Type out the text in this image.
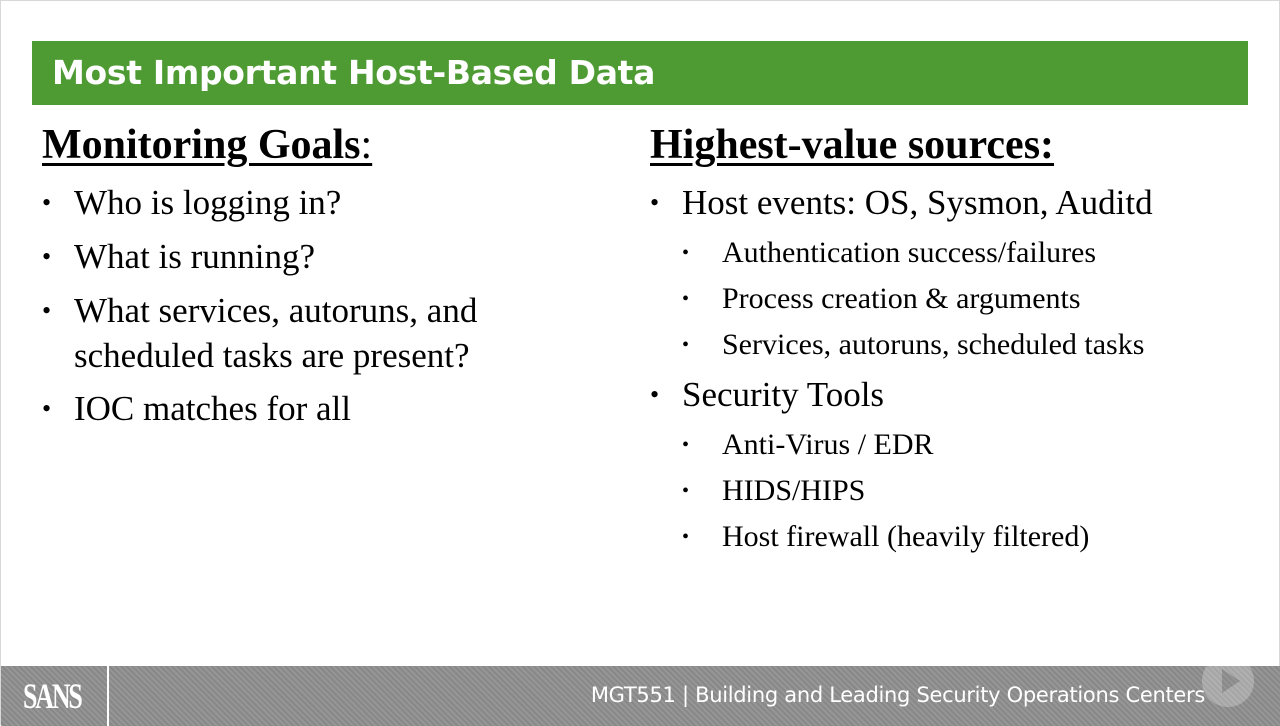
Most Important Host-Based Data
Monitoring Goals:
• Who is logging in?
• What is running?
• What services, autoruns, and
scheduled tasks are present?
• IOC matches for all
Highest-value sources:
• Host events: OS, Sysmon, Auditd
• Authentication success/failures
• Process creation & arguments
• Services, autoruns, scheduled tasks
• Security Tools
• Anti-Virus / EDR
• HIDS/HIPS
• Host firewall (heavily filtered)
SANS	MGT551 | Building and Leading Security Operations Centers
